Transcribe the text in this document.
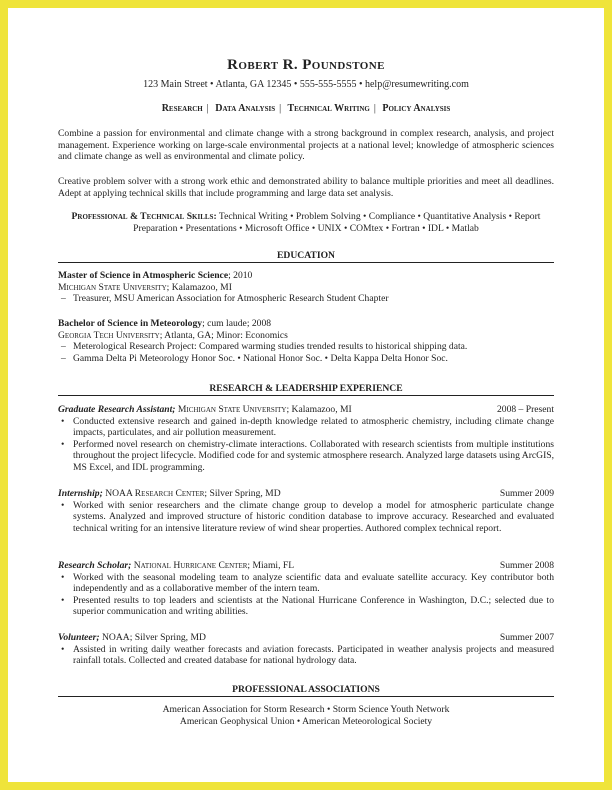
Robert R. Poundstone
123 Main Street • Atlanta, GA 12345 • 555-555-5555 • help@resumewriting.com
Research | Data Analysis | Technical Writing | Policy Analysis
Combine a passion for environmental and climate change with a strong background in complex research, analysis, and project management. Experience working on large-scale environmental projects at a national level; knowledge of atmospheric sciences and climate change as well as environmental and climate policy.
Creative problem solver with a strong work ethic and demonstrated ability to balance multiple priorities and meet all deadlines. Adept at applying technical skills that include programming and large data set analysis.
Professional & Technical Skills: Technical Writing • Problem Solving • Compliance • Quantitative Analysis • Report Preparation • Presentations • Microsoft Office • UNIX • COMtex • Fortran • IDL • Matlab
EDUCATION
Master of Science in Atmospheric Science; 2010
Michigan State University; Kalamazoo, MI
– Treasurer, MSU American Association for Atmospheric Research Student Chapter
Bachelor of Science in Meteorology; cum laude; 2008
Georgia Tech University; Atlanta, GA; Minor: Economics
– Meterological Research Project: Compared warming studies trended results to historical shipping data.
– Gamma Delta Pi Meteorology Honor Soc. • National Honor Soc. • Delta Kappa Delta Honor Soc.
RESEARCH & LEADERSHIP EXPERIENCE
Graduate Research Assistant; Michigan State University; Kalamazoo, MI	2008 – Present
• Conducted extensive research and gained in-depth knowledge related to atmospheric chemistry, including climate change impacts, particulates, and air pollution measurement.
• Performed novel research on chemistry-climate interactions. Collaborated with research scientists from multiple institutions throughout the project lifecycle. Modified code for and systemic atmosphere research. Analyzed large datasets using ArcGIS, MS Excel, and IDL programming.
Internship; NOAA Research Center; Silver Spring, MD	Summer 2009
• Worked with senior researchers and the climate change group to develop a model for atmospheric particulate change systems. Analyzed and improved structure of historic condition database to improve accuracy. Researched and evaluated technical writing for an intensive literature review of wind shear properties. Authored complex technical report.
Research Scholar; National Hurricane Center; Miami, FL	Summer 2008
• Worked with the seasonal modeling team to analyze scientific data and evaluate satellite accuracy. Key contributor both independently and as a collaborative member of the intern team.
• Presented results to top leaders and scientists at the National Hurricane Conference in Washington, D.C.; selected due to superior communication and writing abilities.
Volunteer; NOAA; Silver Spring, MD	Summer 2007
• Assisted in writing daily weather forecasts and aviation forecasts. Participated in weather analysis projects and measured rainfall totals. Collected and created database for national hydrology data.
PROFESSIONAL ASSOCIATIONS
American Association for Storm Research • Storm Science Youth Network
American Geophysical Union • American Meteorological Society
